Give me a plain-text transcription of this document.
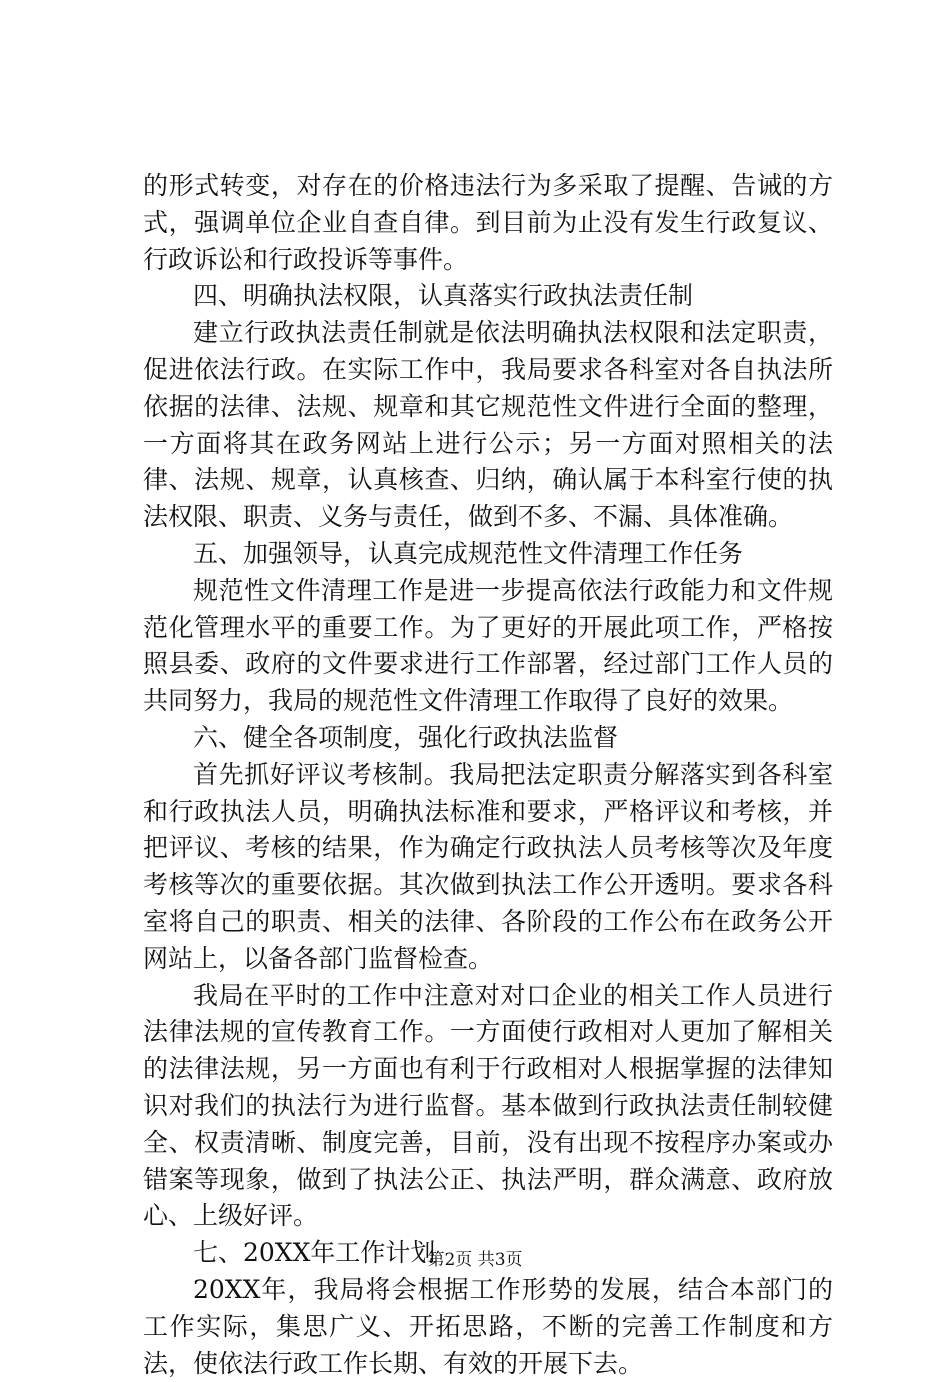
的形式转变，对存在的价格违法行为多采取了提醒、告诫的方式，强调单位企业自查自律。到目前为止没有发生行政复议、行政诉讼和行政投诉等事件。

四、明确执法权限，认真落实行政执法责任制

建立行政执法责任制就是依法明确执法权限和法定职责，促进依法行政。在实际工作中，我局要求各科室对各自执法所依据的法律、法规、规章和其它规范性文件进行全面的整理，一方面将其在政务网站上进行公示；另一方面对照相关的法律、法规、规章，认真核查、归纳，确认属于本科室行使的执法权限、职责、义务与责任，做到不多、不漏、具体准确。

五、加强领导，认真完成规范性文件清理工作任务

规范性文件清理工作是进一步提高依法行政能力和文件规范化管理水平的重要工作。为了更好的开展此项工作，严格按照县委、政府的文件要求进行工作部署，经过部门工作人员的共同努力，我局的规范性文件清理工作取得了良好的效果。

六、健全各项制度，强化行政执法监督

首先抓好评议考核制。我局把法定职责分解落实到各科室和行政执法人员，明确执法标准和要求，严格评议和考核，并把评议、考核的结果，作为确定行政执法人员考核等次及年度考核等次的重要依据。其次做到执法工作公开透明。要求各科室将自己的职责、相关的法律、各阶段的工作公布在政务公开网站上，以备各部门监督检查。

我局在平时的工作中注意对对口企业的相关工作人员进行法律法规的宣传教育工作。一方面使行政相对人更加了解相关的法律法规，另一方面也有利于行政相对人根据掌握的法律知识对我们的执法行为进行监督。基本做到行政执法责任制较健全、权责清晰、制度完善，目前，没有出现不按程序办案或办错案等现象，做到了执法公正、执法严明，群众满意、政府放心、上级好评。

七、20XX年工作计划

20XX年，我局将会根据工作形势的发展，结合本部门的工作实际，集思广义、开拓思路，不断的完善工作制度和方法，使依法行政工作长期、有效的开展下去。

第2页 共3页
